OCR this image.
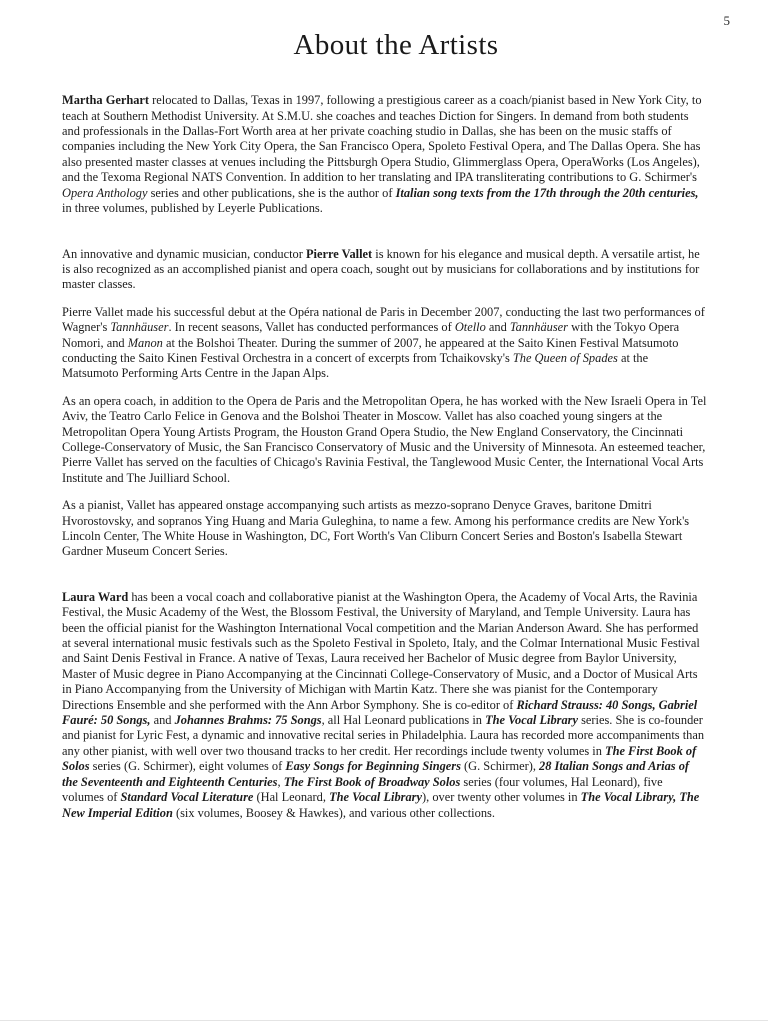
5
About the Artists

Martha Gerhart relocated to Dallas, Texas in 1997, following a prestigious career as a coach/pianist based in New York City, to teach at Southern Methodist University. At S.M.U. she coaches and teaches Diction for Singers. In demand from both students and professionals in the Dallas-Fort Worth area at her private coaching studio in Dallas, she has been on the music staffs of companies including the New York City Opera, the San Francisco Opera, Spoleto Festival Opera, and The Dallas Opera. She has also presented master classes at venues including the Pittsburgh Opera Studio, Glimmerglass Opera, OperaWorks (Los Angeles), and the Texoma Regional NATS Convention. In addition to her translating and IPA transliterating contributions to G. Schirmer's Opera Anthology series and other publications, she is the author of Italian song texts from the 17th through the 20th centuries, in three volumes, published by Leyerle Publications.

An innovative and dynamic musician, conductor Pierre Vallet is known for his elegance and musical depth. A versatile artist, he is also recognized as an accomplished pianist and opera coach, sought out by musicians for collaborations and by institutions for master classes.

Pierre Vallet made his successful debut at the Opéra national de Paris in December 2007, conducting the last two performances of Wagner's Tannhäuser. In recent seasons, Vallet has conducted performances of Otello and Tannhäuser with the Tokyo Opera Nomori, and Manon at the Bolshoi Theater. During the summer of 2007, he appeared at the Saito Kinen Festival Matsumoto conducting the Saito Kinen Festival Orchestra in a concert of excerpts from Tchaikovsky's The Queen of Spades at the Matsumoto Performing Arts Centre in the Japan Alps.

As an opera coach, in addition to the Opera de Paris and the Metropolitan Opera, he has worked with the New Israeli Opera in Tel Aviv, the Teatro Carlo Felice in Genova and the Bolshoi Theater in Moscow. Vallet has also coached young singers at the Metropolitan Opera Young Artists Program, the Houston Grand Opera Studio, the New England Conservatory, the Cincinnati College-Conservatory of Music, the San Francisco Conservatory of Music and the University of Minnesota. An esteemed teacher, Pierre Vallet has served on the faculties of Chicago's Ravinia Festival, the Tanglewood Music Center, the International Vocal Arts Institute and The Juilliard School.

As a pianist, Vallet has appeared onstage accompanying such artists as mezzo-soprano Denyce Graves, baritone Dmitri Hvorostovsky, and sopranos Ying Huang and Maria Guleghina, to name a few. Among his performance credits are New York's Lincoln Center, The White House in Washington, DC, Fort Worth's Van Cliburn Concert Series and Boston's Isabella Stewart Gardner Museum Concert Series.

Laura Ward has been a vocal coach and collaborative pianist at the Washington Opera, the Academy of Vocal Arts, the Ravinia Festival, the Music Academy of the West, the Blossom Festival, the University of Maryland, and Temple University. Laura has been the official pianist for the Washington International Vocal competition and the Marian Anderson Award. She has performed at several international music festivals such as the Spoleto Festival in Spoleto, Italy, and the Colmar International Music Festival and Saint Denis Festival in France. A native of Texas, Laura received her Bachelor of Music degree from Baylor University, Master of Music degree in Piano Accompanying at the Cincinnati College-Conservatory of Music, and a Doctor of Musical Arts in Piano Accompanying from the University of Michigan with Martin Katz. There she was pianist for the Contemporary Directions Ensemble and she performed with the Ann Arbor Symphony. She is co-editor of Richard Strauss: 40 Songs, Gabriel Fauré: 50 Songs, and Johannes Brahms: 75 Songs, all Hal Leonard publications in The Vocal Library series. She is co-founder and pianist for Lyric Fest, a dynamic and innovative recital series in Philadelphia. Laura has recorded more accompaniments than any other pianist, with well over two thousand tracks to her credit. Her recordings include twenty volumes in The First Book of Solos series (G. Schirmer), eight volumes of Easy Songs for Beginning Singers (G. Schirmer), 28 Italian Songs and Arias of the Seventeenth and Eighteenth Centuries, The First Book of Broadway Solos series (four volumes, Hal Leonard), five volumes of Standard Vocal Literature (Hal Leonard, The Vocal Library), over twenty other volumes in The Vocal Library, The New Imperial Edition (six volumes, Boosey & Hawkes), and various other collections.
